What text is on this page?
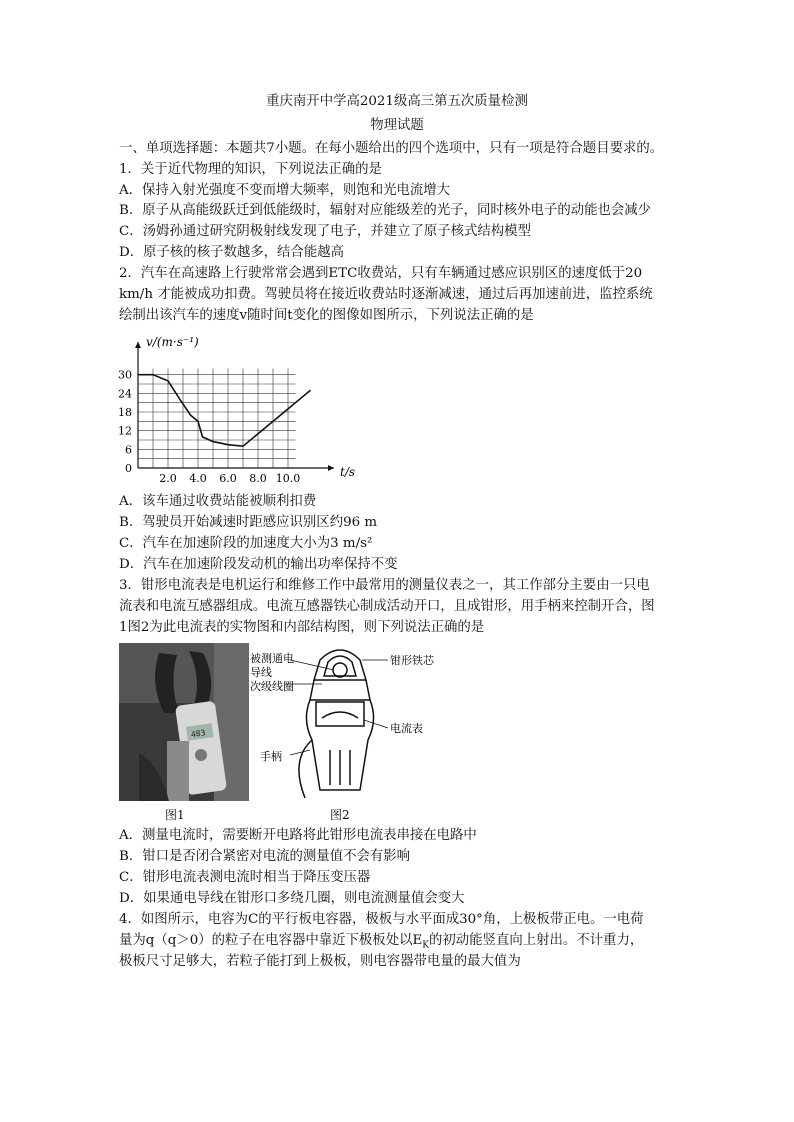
重庆南开中学高2021级高三第五次质量检测
物理试题
一、单项选择题：本题共7小题。在每小题给出的四个选项中，只有一项是符合题目要求的。
1．关于近代物理的知识，下列说法正确的是
A．保持入射光强度不变而增大频率，则饱和光电流增大
B．原子从高能级跃迁到低能级时，辐射对应能级差的光子，同时核外电子的动能也会减少
C．汤姆孙通过研究阴极射线发现了电子，并建立了原子核式结构模型
D．原子核的核子数越多，结合能越高
2．汽车在高速路上行驶常常会遇到ETC收费站，只有车辆通过感应识别区的速度低于20
km/h 才能被成功扣费。驾驶员将在接近收费站时逐渐减速，通过后再加速前进，监控系统
绘制出该汽车的速度v随时间t变化的图像如图所示，下列说法正确的是
0
6
12
18
24
30
2.0 4.0 6.0 8.0 10.0
v/(m·s⁻¹)
t/s
A．该车通过收费站能被顺利扣费
B．驾驶员开始减速时距感应识别区约96 m
C．汽车在加速阶段的加速度大小为3 m/s²
D．汽车在加速阶段发动机的输出功率保持不变
3．钳形电流表是电机运行和维修工作中最常用的测量仪表之一，其工作部分主要由一只电
流表和电流互感器组成。电流互感器铁心制成活动开口，且成钳形，用手柄来控制开合，图
1图2为此电流表的实物图和内部结构图，则下列说法正确的是
483
图1
被测通电
导线
次级线圈
钳形铁芯
电流表
手柄
图2
A．测量电流时，需要断开电路将此钳形电流表串接在电路中
B．钳口是否闭合紧密对电流的测量值不会有影响
C．钳形电流表测电流时相当于降压变压器
D．如果通电导线在钳形口多绕几圈，则电流测量值会变大
4．如图所示，电容为C的平行板电容器，极板与水平面成30°角，上极板带正电。一电荷
量为q（q＞0）的粒子在电容器中靠近下极板处以$E_K$的初动能竖直向上射出。不计重力，
极板尺寸足够大，若粒子能打到上极板，则电容器带电量的最大值为
